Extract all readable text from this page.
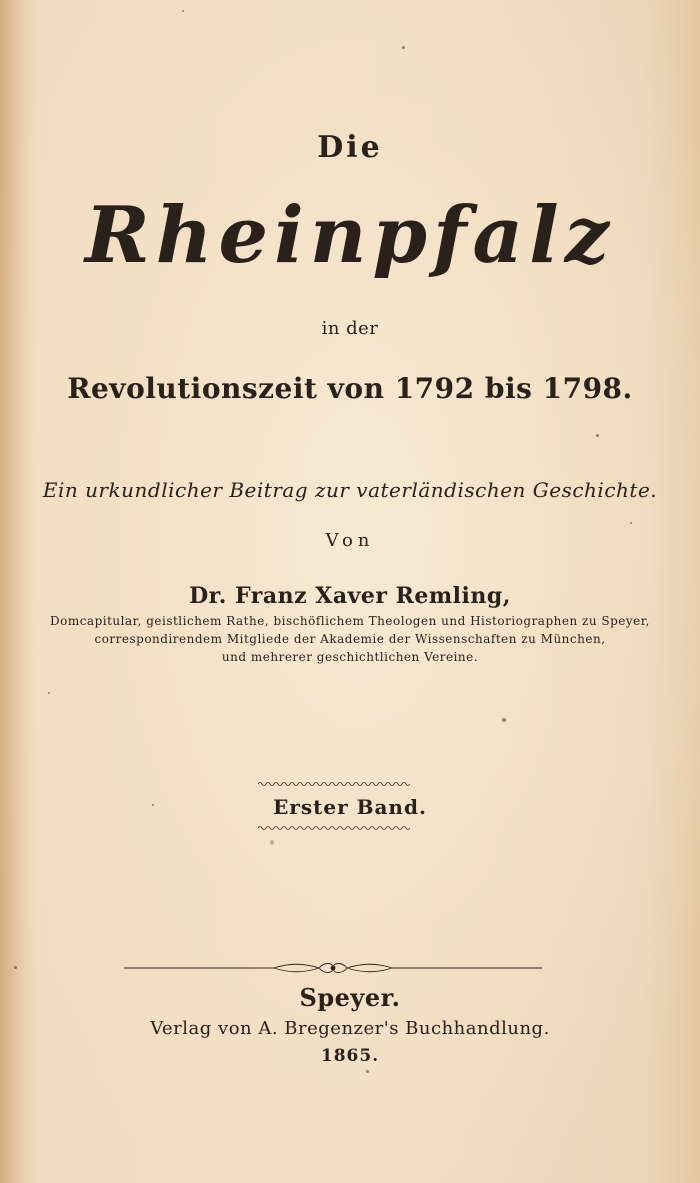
Die
Rheinpfalz
in der
Revolutionszeit von 1792 bis 1798.
Ein urkundlicher Beitrag zur vaterländischen Geschichte.
Von
Dr. Franz Xaver Remling,
Domcapitular, geistlichem Rathe, bischöflichem Theologen und Historiographen zu Speyer,
correspondirendem Mitgliede der Akademie der Wissenschaften zu München,
und mehrerer geschichtlichen Vereine.
Erster Band.
Speyer.
Verlag von A. Bregenzer's Buchhandlung.
1865.
